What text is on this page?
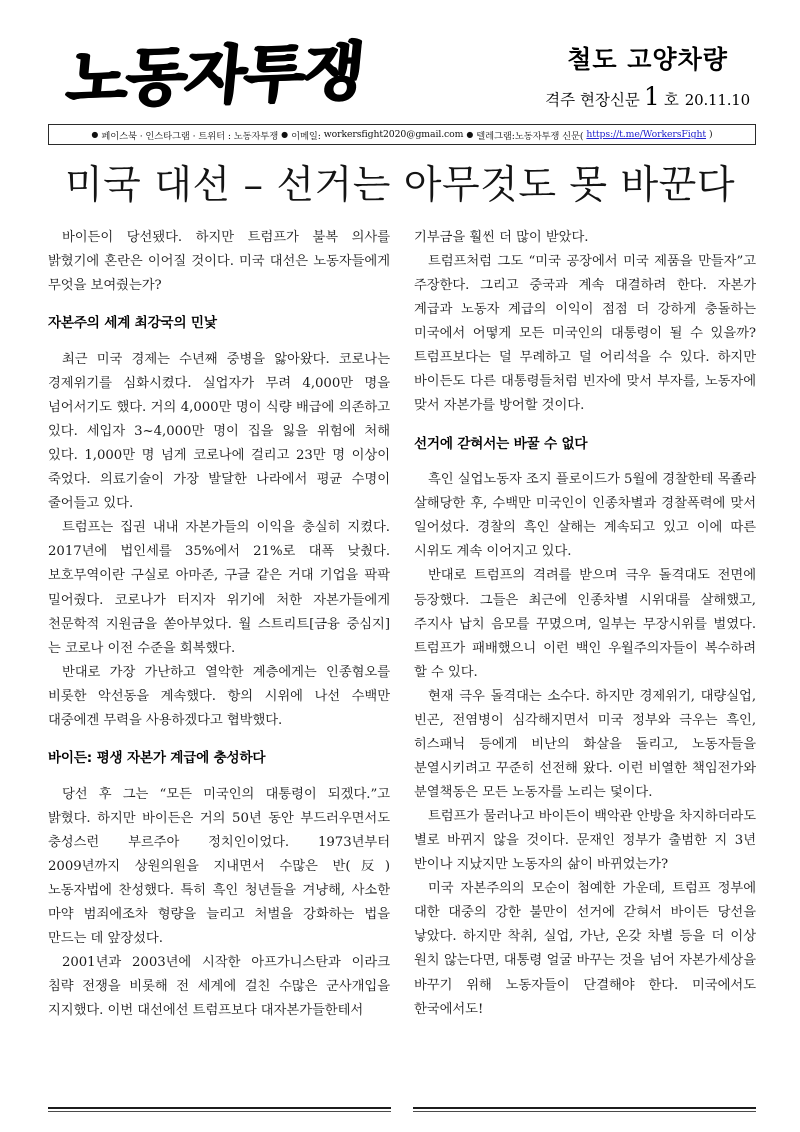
노동자투쟁	철도 고양차량
격주 현장신문 1 호 20.11.10
● 페이스북 · 인스타그램 · 트위터 : 노동자투쟁 ● 이메일: workersfight2020@gmail.com ● 텔레그램:노동자투쟁 신문( https://t.me/WorkersFight )
미국 대선 – 선거는 아무것도 못 바꾼다

바이든이 당선됐다. 하지만 트럼프가 불복 의사를 밝혔기에 혼란은 이어질 것이다. 미국 대선은 노동자들에게 무엇을 보여줬는가?

자본주의 세계 최강국의 민낯

최근 미국 경제는 수년째 중병을 앓아왔다. 코로나는 경제위기를 심화시켰다. 실업자가 무려 4,000만 명을 넘어서기도 했다. 거의 4,000만 명이 식량 배급에 의존하고 있다. 세입자 3~4,000만 명이 집을 잃을 위험에 처해 있다. 1,000만 명 넘게 코로나에 걸리고 23만 명 이상이 죽었다. 의료기술이 가장 발달한 나라에서 평균 수명이 줄어들고 있다.

트럼프는 집권 내내 자본가들의 이익을 충실히 지켰다. 2017년에 법인세를 35%에서 21%로 대폭 낮췄다. 보호무역이란 구실로 아마존, 구글 같은 거대 기업을 팍팍 밀어줬다. 코로나가 터지자 위기에 처한 자본가들에게 천문학적 지원금을 쏟아부었다. 월 스트리트[금융 중심지]는 코로나 이전 수준을 회복했다.

반대로 가장 가난하고 열악한 계층에게는 인종혐오를 비롯한 악선동을 계속했다. 항의 시위에 나선 수백만 대중에겐 무력을 사용하겠다고 협박했다.

바이든: 평생 자본가 계급에 충성하다

당선 후 그는 “모든 미국인의 대통령이 되겠다.”고 밝혔다. 하지만 바이든은 거의 50년 동안 부드러우면서도 충성스런 부르주아 정치인이었다. 1973년부터 2009년까지 상원의원을 지내면서 수많은 반(反)노동자법에 찬성했다. 특히 흑인 청년들을 겨냥해, 사소한 마약 범죄에조차 형량을 늘리고 처벌을 강화하는 법을 만드는 데 앞장섰다.

2001년과 2003년에 시작한 아프가니스탄과 이라크 침략 전쟁을 비롯해 전 세계에 걸친 수많은 군사개입을 지지했다. 이번 대선에선 트럼프보다 대자본가들한테서

기부금을 훨씬 더 많이 받았다.

트럼프처럼 그도 “미국 공장에서 미국 제품을 만들자”고 주장한다. 그리고 중국과 계속 대결하려 한다. 자본가 계급과 노동자 계급의 이익이 점점 더 강하게 충돌하는 미국에서 어떻게 모든 미국인의 대통령이 될 수 있을까? 트럼프보다는 덜 무례하고 덜 어리석을 수 있다. 하지만 바이든도 다른 대통령들처럼 빈자에 맞서 부자를, 노동자에 맞서 자본가를 방어할 것이다.

선거에 갇혀서는 바꿀 수 없다

흑인 실업노동자 조지 플로이드가 5월에 경찰한테 목졸라 살해당한 후, 수백만 미국인이 인종차별과 경찰폭력에 맞서 일어섰다. 경찰의 흑인 살해는 계속되고 있고 이에 따른 시위도 계속 이어지고 있다.

반대로 트럼프의 격려를 받으며 극우 돌격대도 전면에 등장했다. 그들은 최근에 인종차별 시위대를 살해했고, 주지사 납치 음모를 꾸몄으며, 일부는 무장시위를 벌였다. 트럼프가 패배했으니 이런 백인 우월주의자들이 복수하려 할 수 있다.

현재 극우 돌격대는 소수다. 하지만 경제위기, 대량실업, 빈곤, 전염병이 심각해지면서 미국 정부와 극우는 흑인, 히스패닉 등에게 비난의 화살을 돌리고, 노동자들을 분열시키려고 꾸준히 선전해 왔다. 이런 비열한 책임전가와 분열책동은 모든 노동자를 노리는 덫이다.

트럼프가 물러나고 바이든이 백악관 안방을 차지하더라도 별로 바뀌지 않을 것이다. 문재인 정부가 출범한 지 3년 반이나 지났지만 노동자의 삶이 바뀌었는가?

미국 자본주의의 모순이 첨예한 가운데, 트럼프 정부에 대한 대중의 강한 불만이 선거에 갇혀서 바이든 당선을 낳았다. 하지만 착취, 실업, 가난, 온갖 차별 등을 더 이상 원치 않는다면, 대통령 얼굴 바꾸는 것을 넘어 자본가세상을 바꾸기 위해 노동자들이 단결해야 한다. 미국에서도 한국에서도!
